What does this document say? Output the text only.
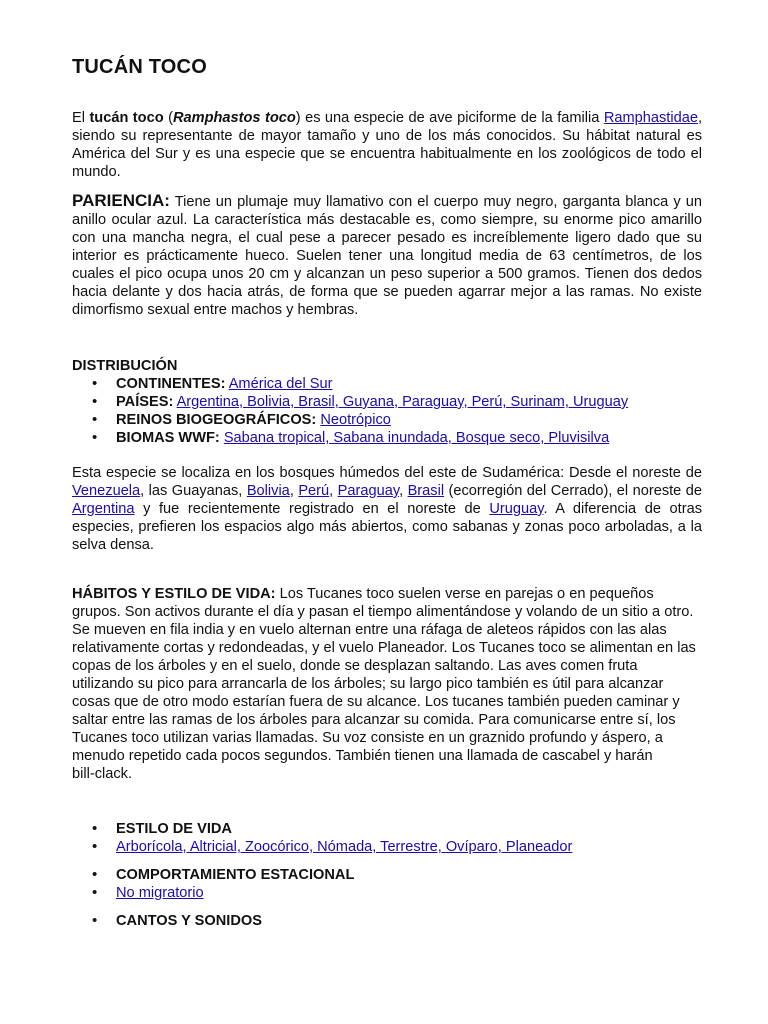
TUCÁN TOCO

El tucán toco (Ramphastos toco) es una especie de ave piciforme de la familia Ramphastidae, siendo su representante de mayor tamaño y uno de los más conocidos. Su hábitat natural es América del Sur y es una especie que se encuentra habitualmente en los zoológicos de todo el mundo.

PARIENCIA: Tiene un plumaje muy llamativo con el cuerpo muy negro, garganta blanca y un anillo ocular azul. La característica más destacable es, como siempre, su enorme pico amarillo con una mancha negra, el cual pese a parecer pesado es increíblemente ligero dado que su interior es prácticamente hueco. Suelen tener una longitud media de 63 centímetros, de los cuales el pico ocupa unos 20 cm y alcanzan un peso superior a 500 gramos. Tienen dos dedos hacia delante y dos hacia atrás, de forma que se pueden agarrar mejor a las ramas. No existe dimorfismo sexual entre machos y hembras.

DISTRIBUCIÓN

• CONTINENTES: América del Sur
• PAÍSES: Argentina, Bolivia, Brasil, Guyana, Paraguay, Perú, Surinam, Uruguay
• REINOS BIOGEOGRÁFICOS: Neotrópico
• BIOMAS WWF: Sabana tropical, Sabana inundada, Bosque seco, Pluvisilva

Esta especie se localiza en los bosques húmedos del este de Sudamérica: Desde el noreste de Venezuela, las Guayanas, Bolivia, Perú, Paraguay, Brasil (ecorregión del Cerrado), el noreste de Argentina y fue recientemente registrado en el noreste de Uruguay. A diferencia de otras especies, prefieren los espacios algo más abiertos, como sabanas y zonas poco arboladas, a la selva densa.

HÁBITOS Y ESTILO DE VIDA: Los Tucanes toco suelen verse en parejas o en pequeños grupos. Son activos durante el día y pasan el tiempo alimentándose y volando de un sitio a otro. Se mueven en fila india y en vuelo alternan entre una ráfaga de aleteos rápidos con las alas relativamente cortas y redondeadas, y el vuelo Planeador. Los Tucanes toco se alimentan en las copas de los árboles y en el suelo, donde se desplazan saltando. Las aves comen fruta utilizando su pico para arrancarla de los árboles; su largo pico también es útil para alcanzar cosas que de otro modo estarían fuera de su alcance. Los tucanes también pueden caminar y saltar entre las ramas de los árboles para alcanzar su comida. Para comunicarse entre sí, los Tucanes toco utilizan varias llamadas. Su voz consiste en un graznido profundo y áspero, a menudo repetido cada pocos segundos. También tienen una llamada de cascabel y haránbill-clack.

• ESTILO DE VIDA
• Arborícola, Altricial, Zoocórico, Nómada, Terrestre, Ovíparo, Planeador
• COMPORTAMIENTO ESTACIONAL
• No migratorio
• CANTOS Y SONIDOS
